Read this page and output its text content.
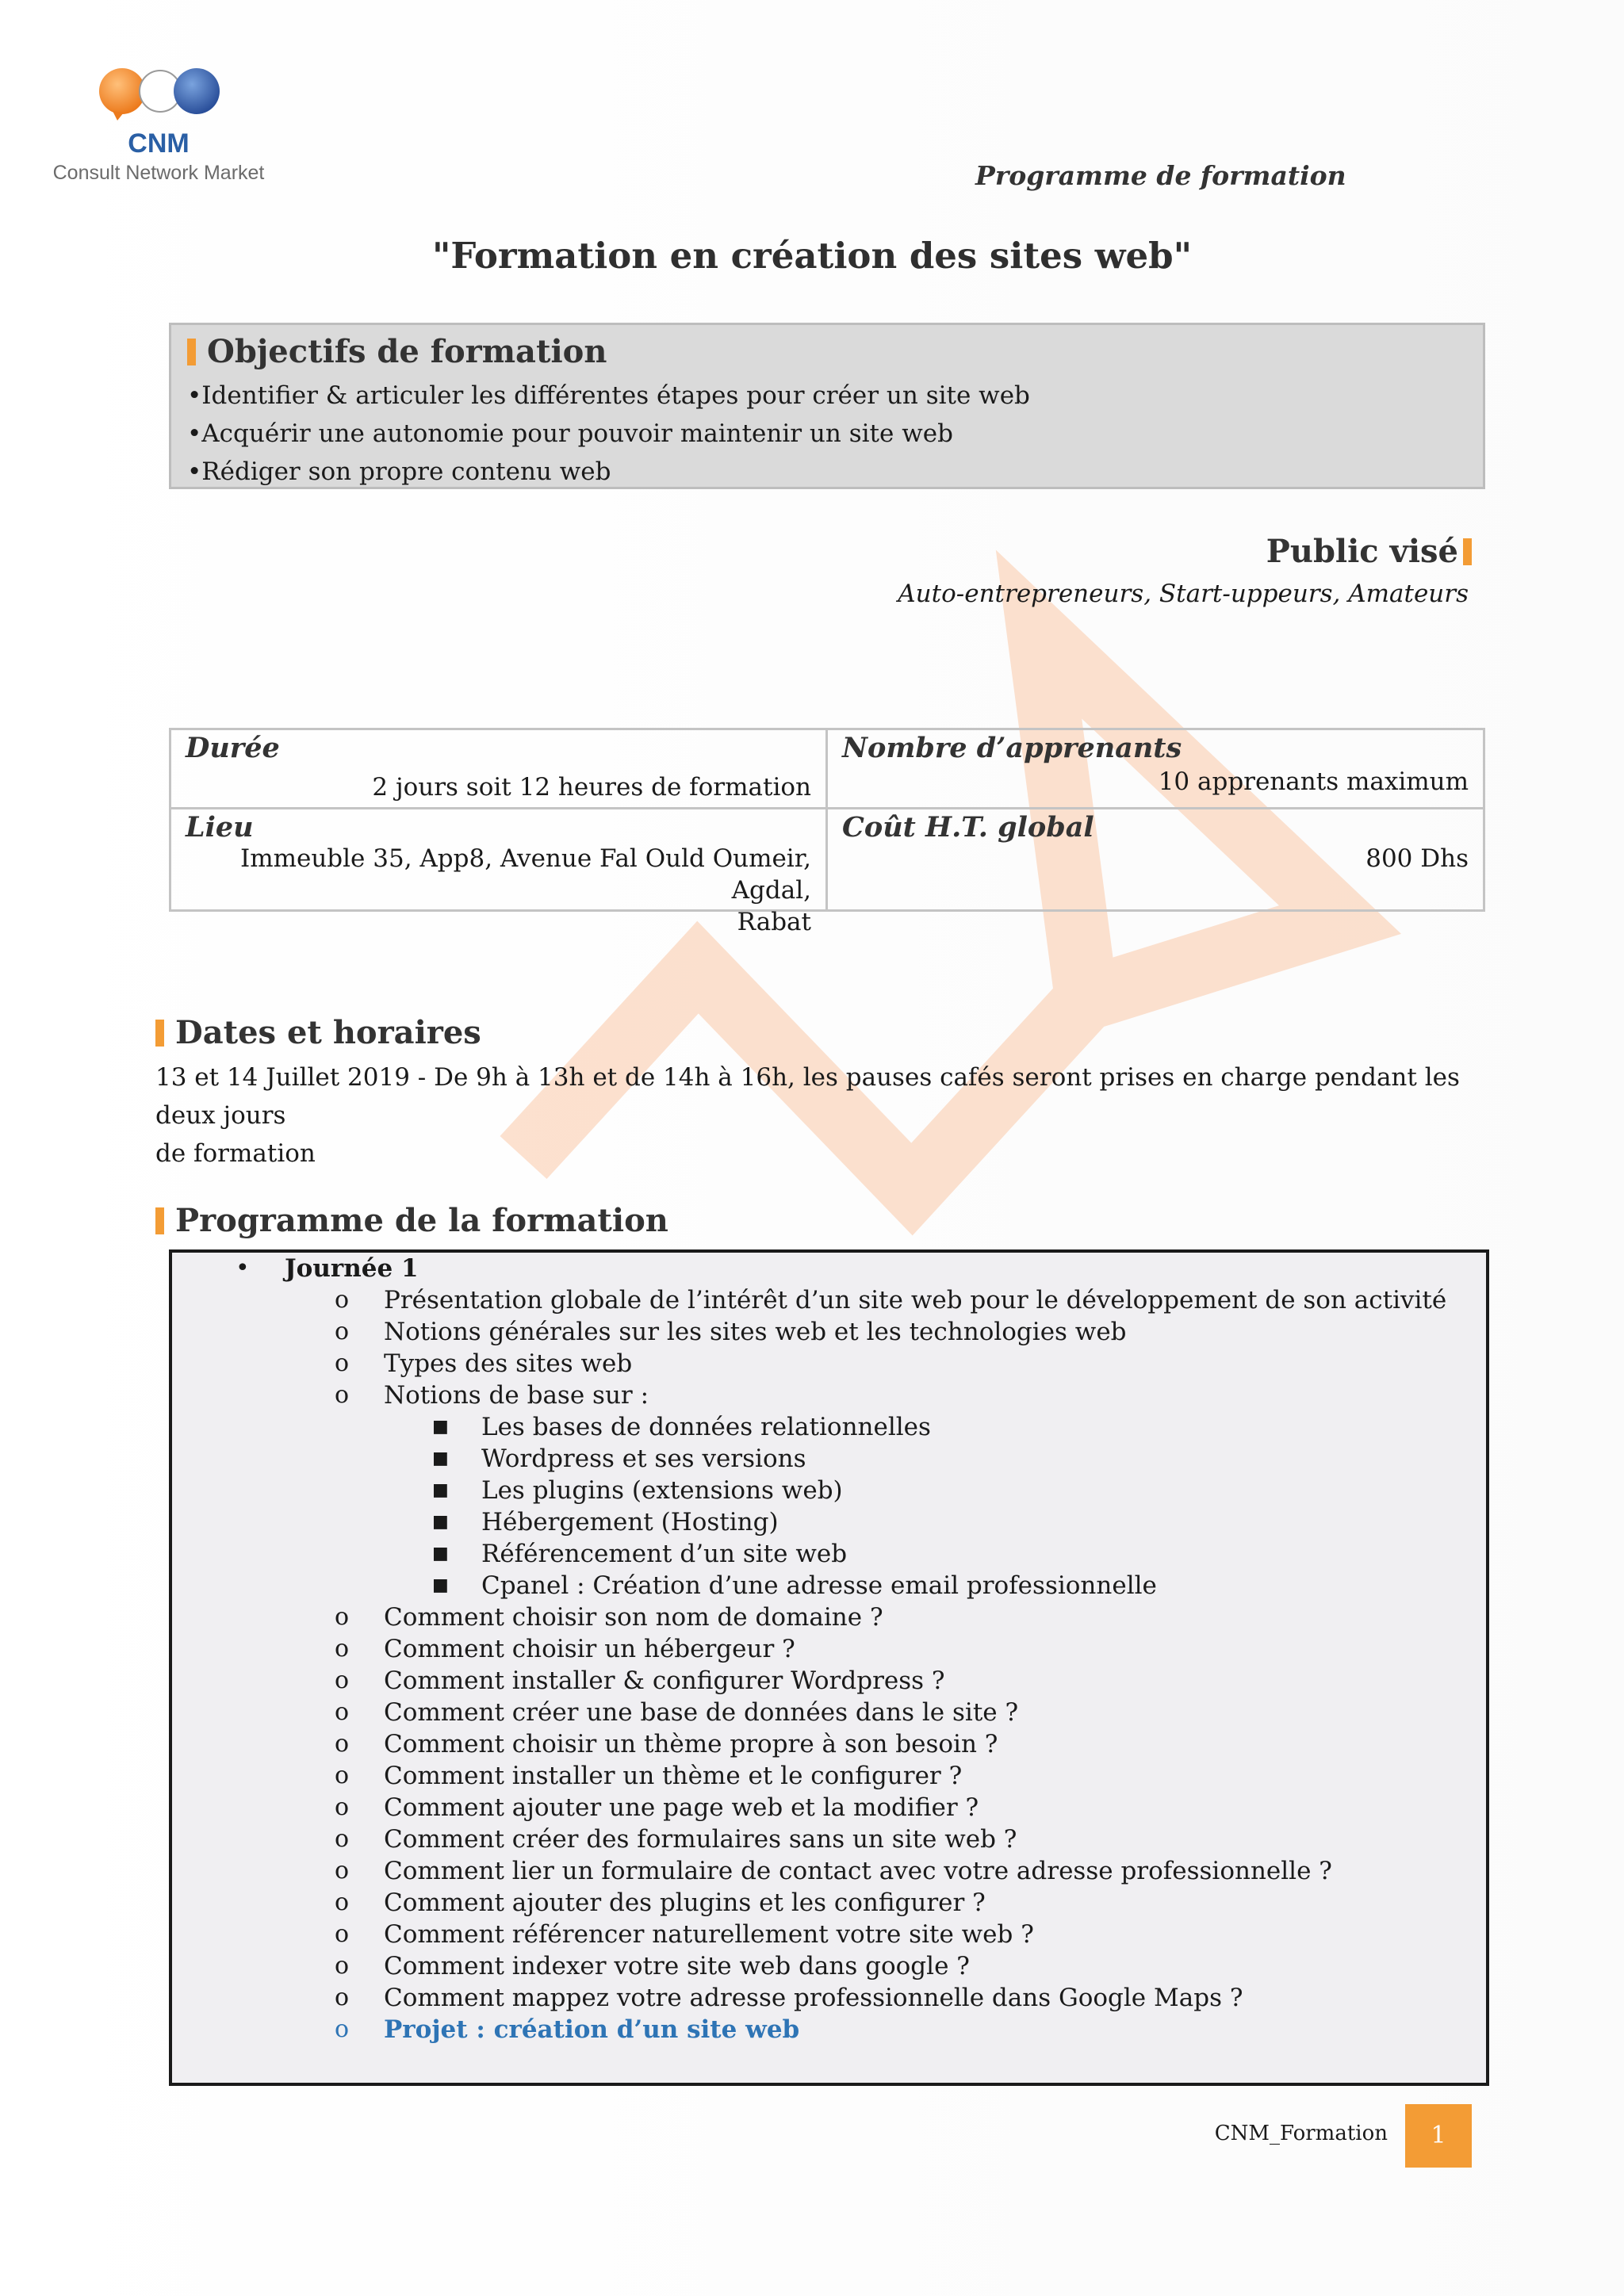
CNM
Consult Network Market	Programme de formation
"Formation en création des sites web"
Objectifs de formation
•Identifier & articuler les différentes étapes pour créer un site web
•Acquérir une autonomie pour pouvoir maintenir un site web
•Rédiger son propre contenu web
Public visé
Auto-entrepreneurs, Start-uppeurs, Amateurs
Durée
2 jours soit 12 heures de formation
Nombre d’apprenants
10 apprenants maximum
Lieu
Immeuble 35, App8, Avenue Fal Ould Oumeir, Agdal,
Rabat
Coût H.T. global
800 Dhs
Dates et horaires
13 et 14 Juillet 2019 - De 9h à 13h et de 14h à 16h, les pauses cafés seront prises en charge pendant les deux jours
de formation
Programme de la formation
• Journée 1
o Présentation globale de l’intérêt d’un site web pour le développement de son activité
o Notions générales sur les sites web et les technologies web
o Types des sites web
o Notions de base sur :
■ Les bases de données relationnelles
■ Wordpress et ses versions
■ Les plugins (extensions web)
■ Hébergement (Hosting)
■ Référencement d’un site web
■ Cpanel : Création d’une adresse email professionnelle
o Comment choisir son nom de domaine ?
o Comment choisir un hébergeur ?
o Comment installer & configurer Wordpress ?
o Comment créer une base de données dans le site ?
o Comment choisir un thème propre à son besoin ?
o Comment installer un thème et le configurer ?
o Comment ajouter une page web et la modifier ?
o Comment créer des formulaires sans un site web ?
o Comment lier un formulaire de contact avec votre adresse professionnelle ?
o Comment ajouter des plugins et les configurer ?
o Comment référencer naturellement votre site web ?
o Comment indexer votre site web dans google ?
o Comment mappez votre adresse professionnelle dans Google Maps ?
o Projet : création d’un site web
CNM_Formation	1
